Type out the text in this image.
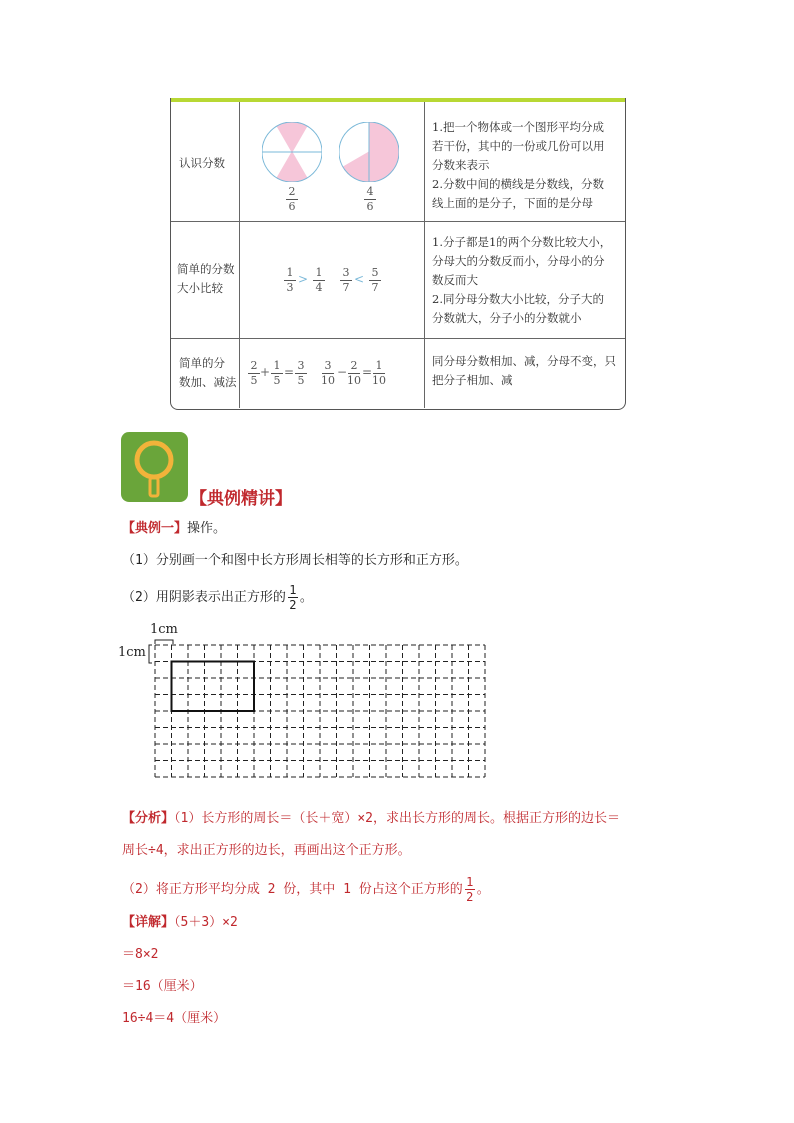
认识分数
2
6
4
6
1.把一个物体或一个图形平均分成
若干份，其中的一份或几份可以用
分数来表示
2.分数中间的横线是分数线，分数
线上面的是分子，下面的是分母
简单的分数
大小比较
1
3
> 1
4
3
7
< 5
7
1.分子都是1的两个分数比较大小，
分母大的分数反而小，分母小的分
数反而大
2.同分母分数大小比较，分子大的
分数就大，分子小的分数就小
简单的分
数加、减法
2
5
+ 1
5
= 3
5
3
10
− 2
10
= 1
10
同分母分数相加、减，分母不变，只
把分子相加、减
【典例精讲】
【典例一】操作。
（1）分别画一个和图中长方形周长相等的长方形和正方形。
（2）用阴影表示出正方形的 $\frac{1}{2}$ 。
1cm
1cm
【分析】（1）长方形的周长＝（长＋宽）×2，求出长方形的周长。根据正方形的边长＝
周长÷4，求出正方形的边长，再画出这个正方形。
（2）将正方形平均分成 2 份，其中 1 份占这个正方形的 $\frac{1}{2}$ 。
【详解】（5＋3）×2
＝8×2
＝16（厘米）
16÷4＝4（厘米）
